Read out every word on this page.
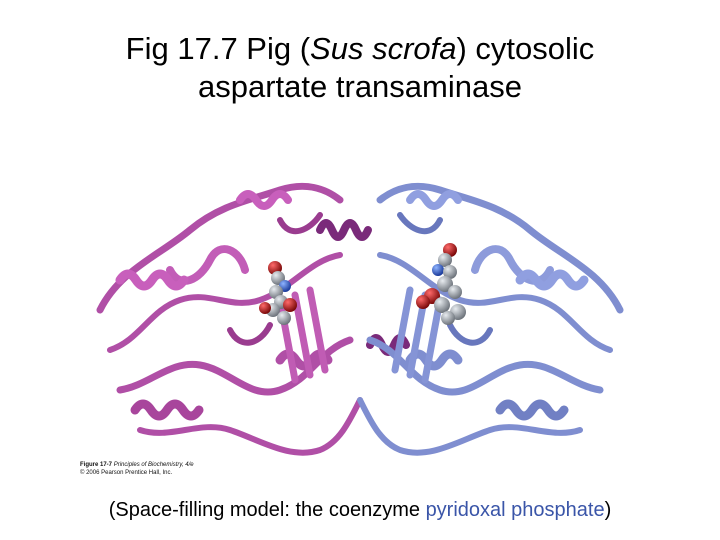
Fig 17.7 Pig (Sus scrofa) cytosolic
aspartate transaminase
Figure 17-7 Principles of Biochemistry, 4/e
© 2006 Pearson Prentice Hall, Inc.
(Space-filling model: the coenzyme pyridoxal phosphate)
